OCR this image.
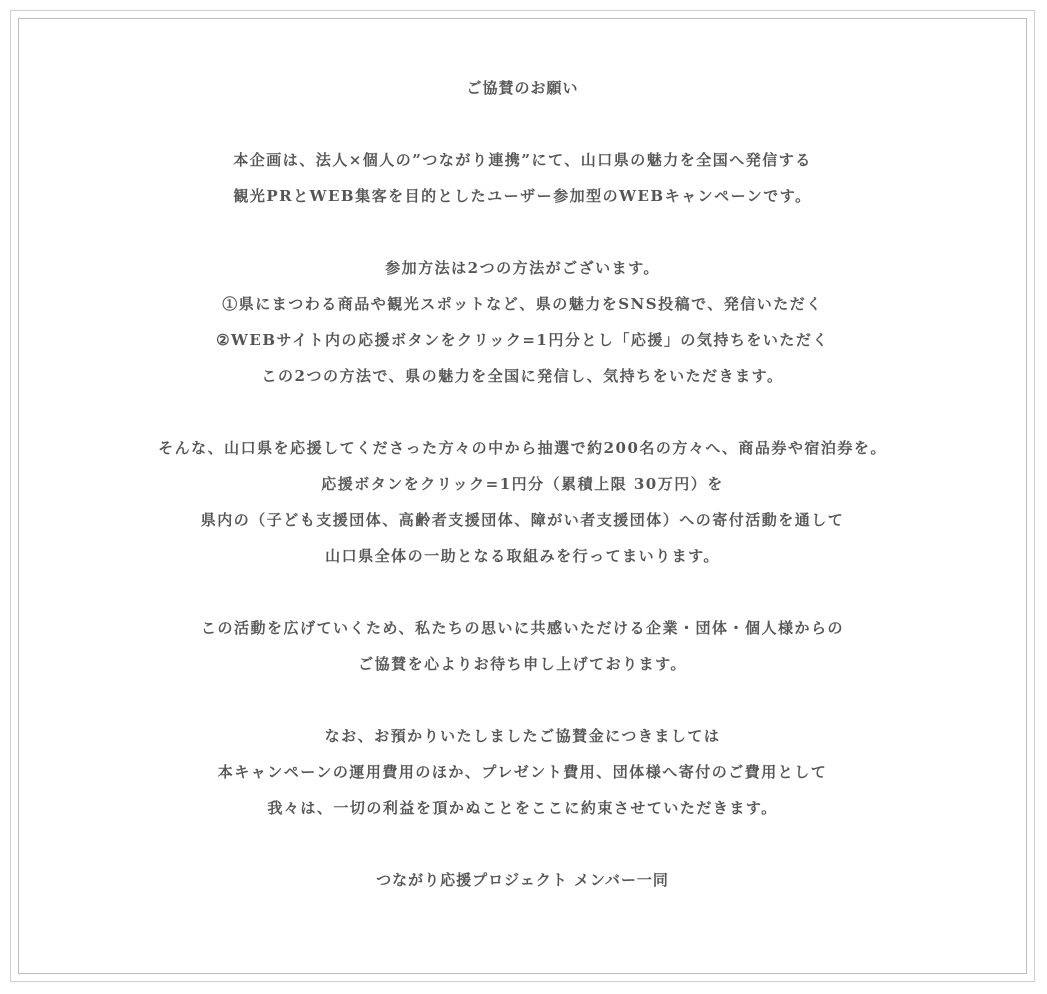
ご協賛のお願い
本企画は、法人×個人の”つながり連携”にて、山口県の魅力を全国へ発信する
観光PRとWEB集客を目的としたユーザー参加型のWEBキャンペーンです。
参加方法は2つの方法がございます。
①県にまつわる商品や観光スポットなど、県の魅力をSNS投稿で、発信いただく
②WEBサイト内の応援ボタンをクリック=1円分とし「応援」の気持ちをいただく
この2つの方法で、県の魅力を全国に発信し、気持ちをいただきます。
そんな、山口県を応援してくださった方々の中から抽選で約200名の方々へ、商品券や宿泊券を。
応援ボタンをクリック=1円分（累積上限 30万円）を
県内の（子ども支援団体、高齢者支援団体、障がい者支援団体）への寄付活動を通して
山口県全体の一助となる取組みを行ってまいります。
この活動を広げていくため、私たちの思いに共感いただける企業・団体・個人様からの
ご協賛を心よりお待ち申し上げております。
なお、お預かりいたしましたご協賛金につきましては
本キャンペーンの運用費用のほか、プレゼント費用、団体様へ寄付のご費用として
我々は、一切の利益を頂かぬことをここに約束させていただきます。

つながり応援プロジェクト メンバー一同
